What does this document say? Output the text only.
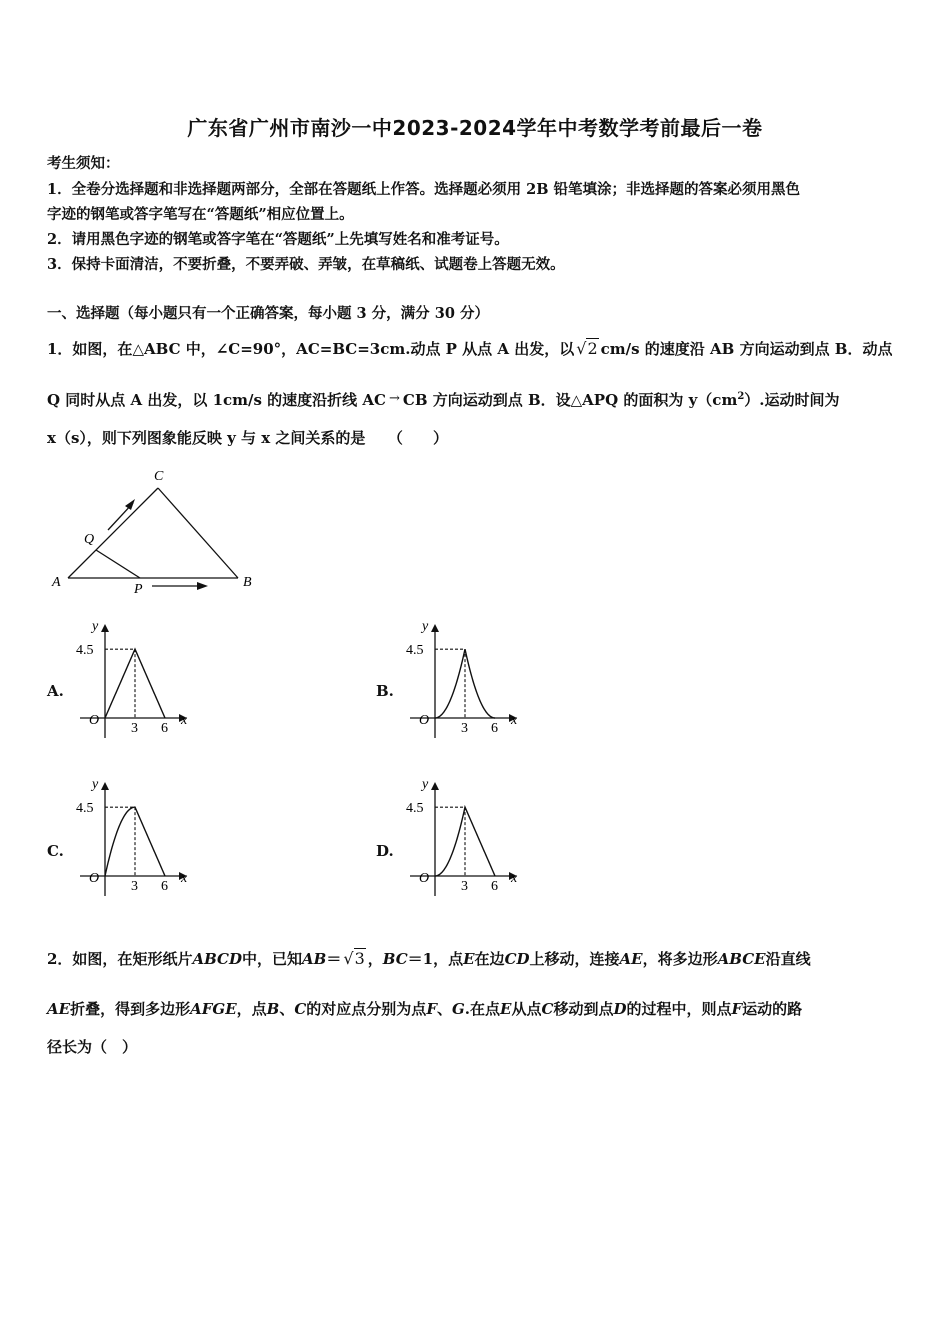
广东省广州市南沙一中2023-2024学年中考数学考前最后一卷
考生须知：
1．全卷分选择题和非选择题两部分，全部在答题纸上作答。选择题必须用 2B 铅笔填涂；非选择题的答案必须用黑色
字迹的钢笔或答字笔写在“答题纸”相应位置上。
2．请用黑色字迹的钢笔或答字笔在“答题纸”上先填写姓名和准考证号。
3．保持卡面清洁，不要折叠，不要弄破、弄皱，在草稿纸、试题卷上答题无效。
一、选择题（每小题只有一个正确答案，每小题 3 分，满分 30 分）
1．如图，在△ABC 中，∠C=90°，AC=BC=3cm.动点 P 从点 A 出发，以 √2 cm/s 的速度沿 AB 方向运动到点 B．动点
Q 同时从点 A 出发，以 1cm/s 的速度沿折线 AC → CB 方向运动到点 B．设△APQ 的面积为 $y(cm^2)$.运动时间为
x（s），则下列图象能反映 y 与 x 之间关系的是　　（　　）
A
C
B
Q
P
A.	B.
C.	D.
4.5
O
3 6
x
y
4.5
O
3 6
x
y
4.5
O
3 6
x
y
4.5
O
3 6
x
y
2．如图，在矩形纸片ABCD中，已知AB＝ √3 ，BC＝1，点E在边CD上移动，连接AE，将多边形ABCE沿直线
AE折叠，得到多边形AFGE，点B、C的对应点分别为点F、G.在点E从点C移动到点D的过程中，则点F运动的路
径长为（　）
